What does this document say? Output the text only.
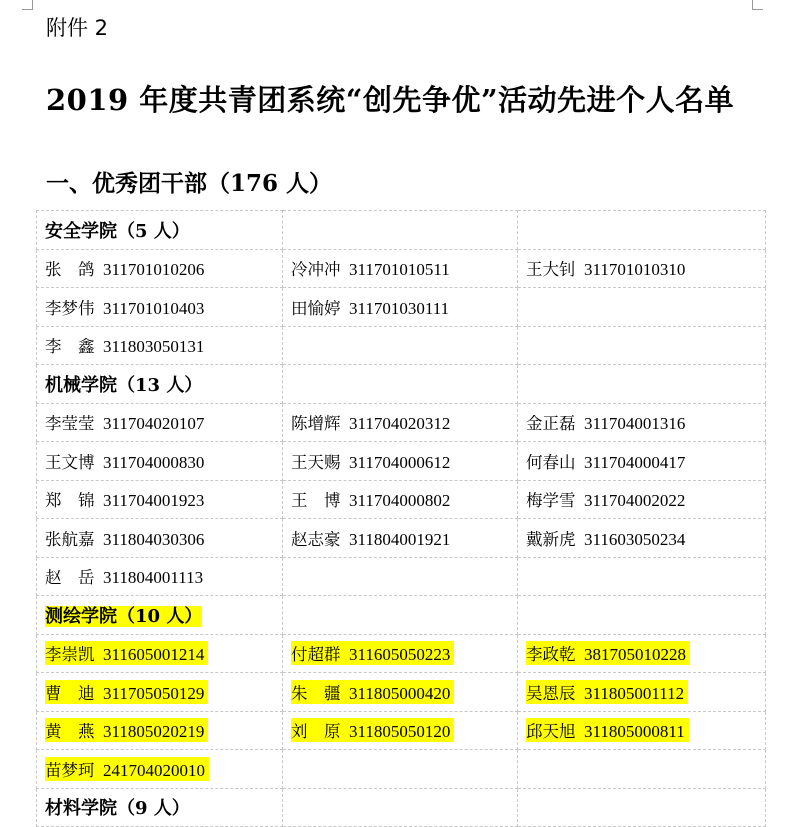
附件 2
2019 年度共青团系统“创先争优”活动先进个人名单
一、优秀团干部（176 人）
安全学院（5 人）		
张　鸽 311701010206	冷冲冲 311701010511	王大钊 311701010310
李梦伟 311701010403	田愉婷 311701030111	
李　鑫 311803050131		
机械学院（13 人）		
李莹莹 311704020107	陈增辉 311704020312	金正磊 311704001316
王文博 311704000830	王天赐 311704000612	何春山 311704000417
郑　锦 311704001923	王　博 311704000802	梅学雪 311704002022
张航嘉 311804030306	赵志豪 311804001921	戴新虎 311603050234
赵　岳 311804001113		
测绘学院（10 人）		
李崇凯 311605001214	付超群 311605050223	李政乾 381705010228
曹　迪 311705050129	朱　疆 311805000420	吴恩辰 311805001112
黄　燕 311805020219	刘　原 311805050120	邱天旭 311805000811
苗梦珂 241704020010		
材料学院（9 人）		
